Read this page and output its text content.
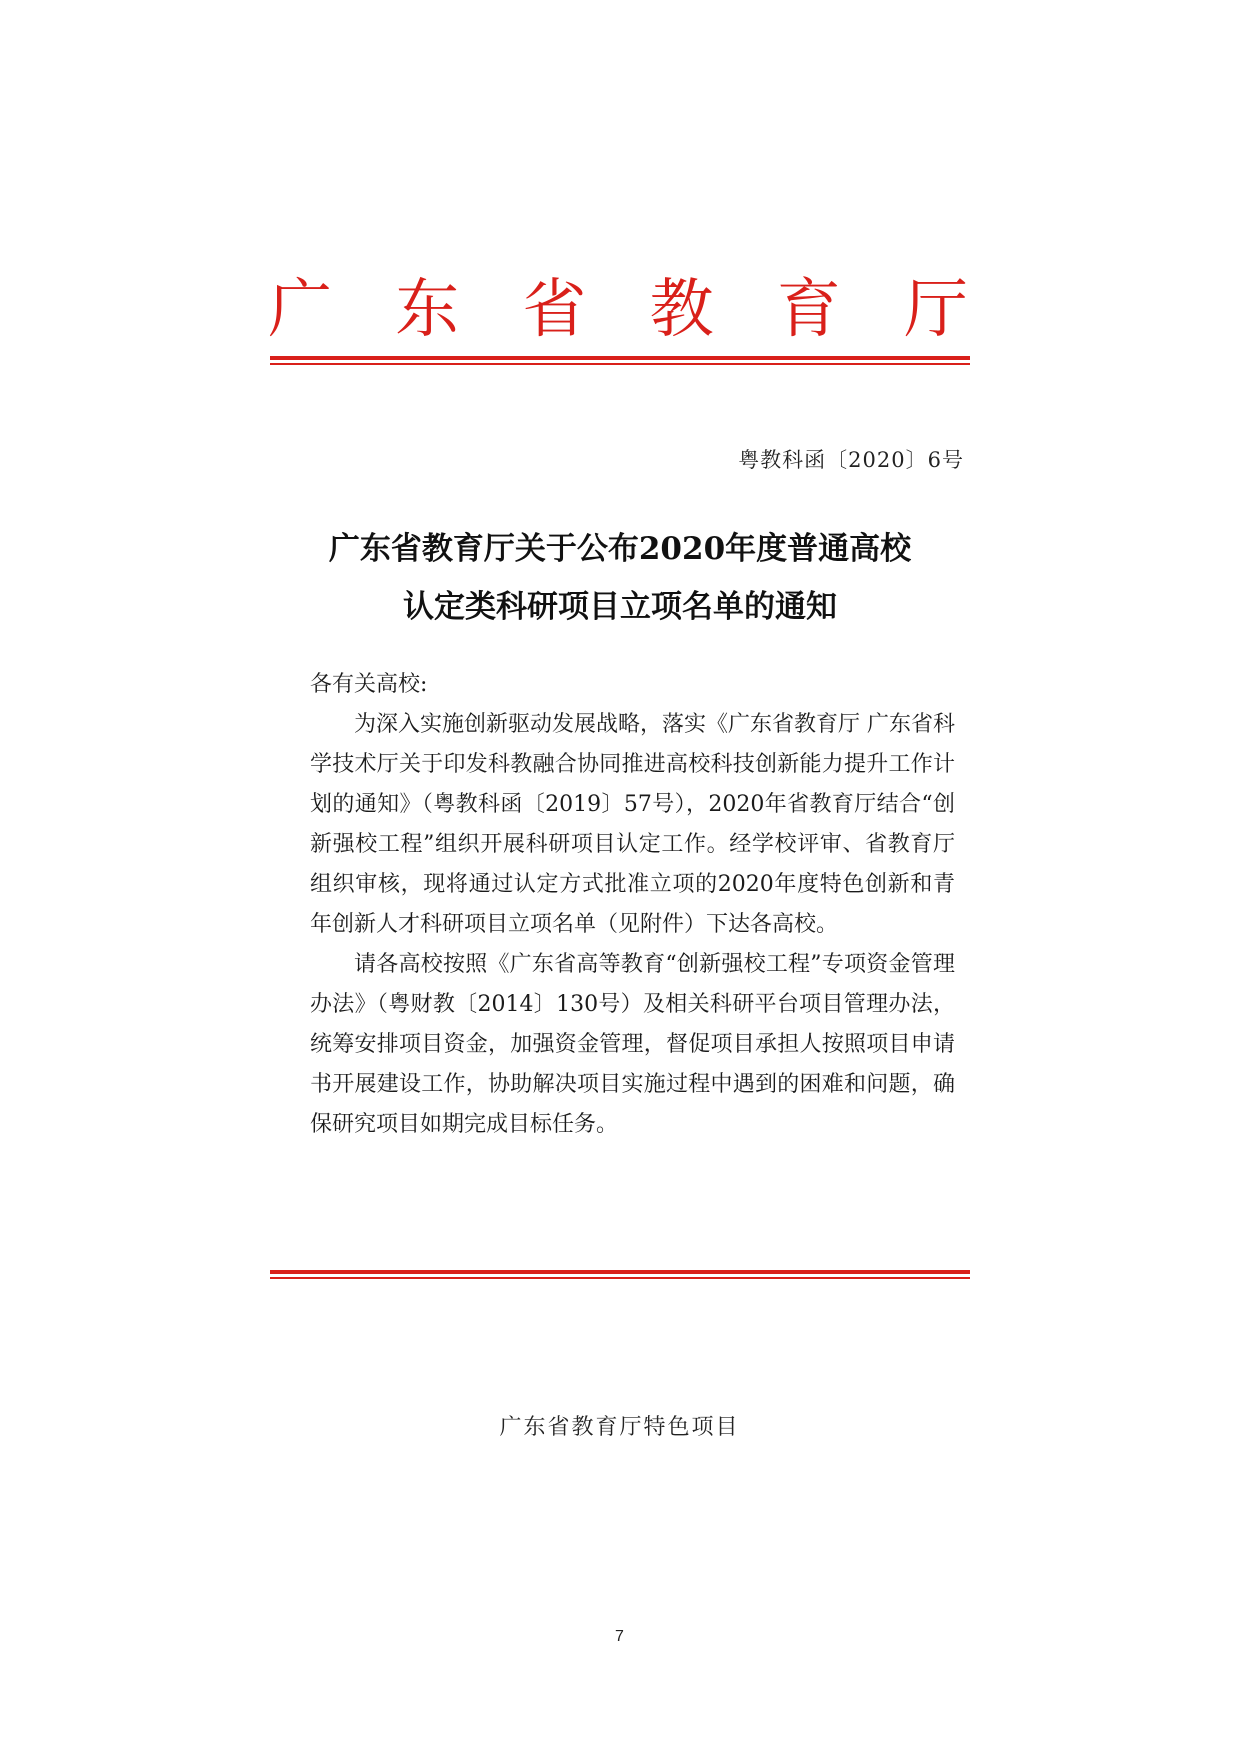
广 东 省 教 育 厅
粤教科函〔2020〕6号
广东省教育厅关于公布2020年度普通高校
认定类科研项目立项名单的通知

各有关高校:

为深入实施创新驱动发展战略，落实《广东省教育厅 广东省科学技术厅关于印发科教融合协同推进高校科技创新能力提升工作计划的通知》（粤教科函〔2019〕57号），2020年省教育厅结合“创新强校工程”组织开展科研项目认定工作。经学校评审、省教育厅组织审核，现将通过认定方式批准立项的2020年度特色创新和青年创新人才科研项目立项名单（见附件）下达各高校。

请各高校按照《广东省高等教育“创新强校工程”专项资金管理办法》（粤财教〔2014〕130号）及相关科研平台项目管理办法，统筹安排项目资金，加强资金管理，督促项目承担人按照项目申请书开展建设工作，协助解决项目实施过程中遇到的困难和问题，确保研究项目如期完成目标任务。

广东省教育厅特色项目
7
